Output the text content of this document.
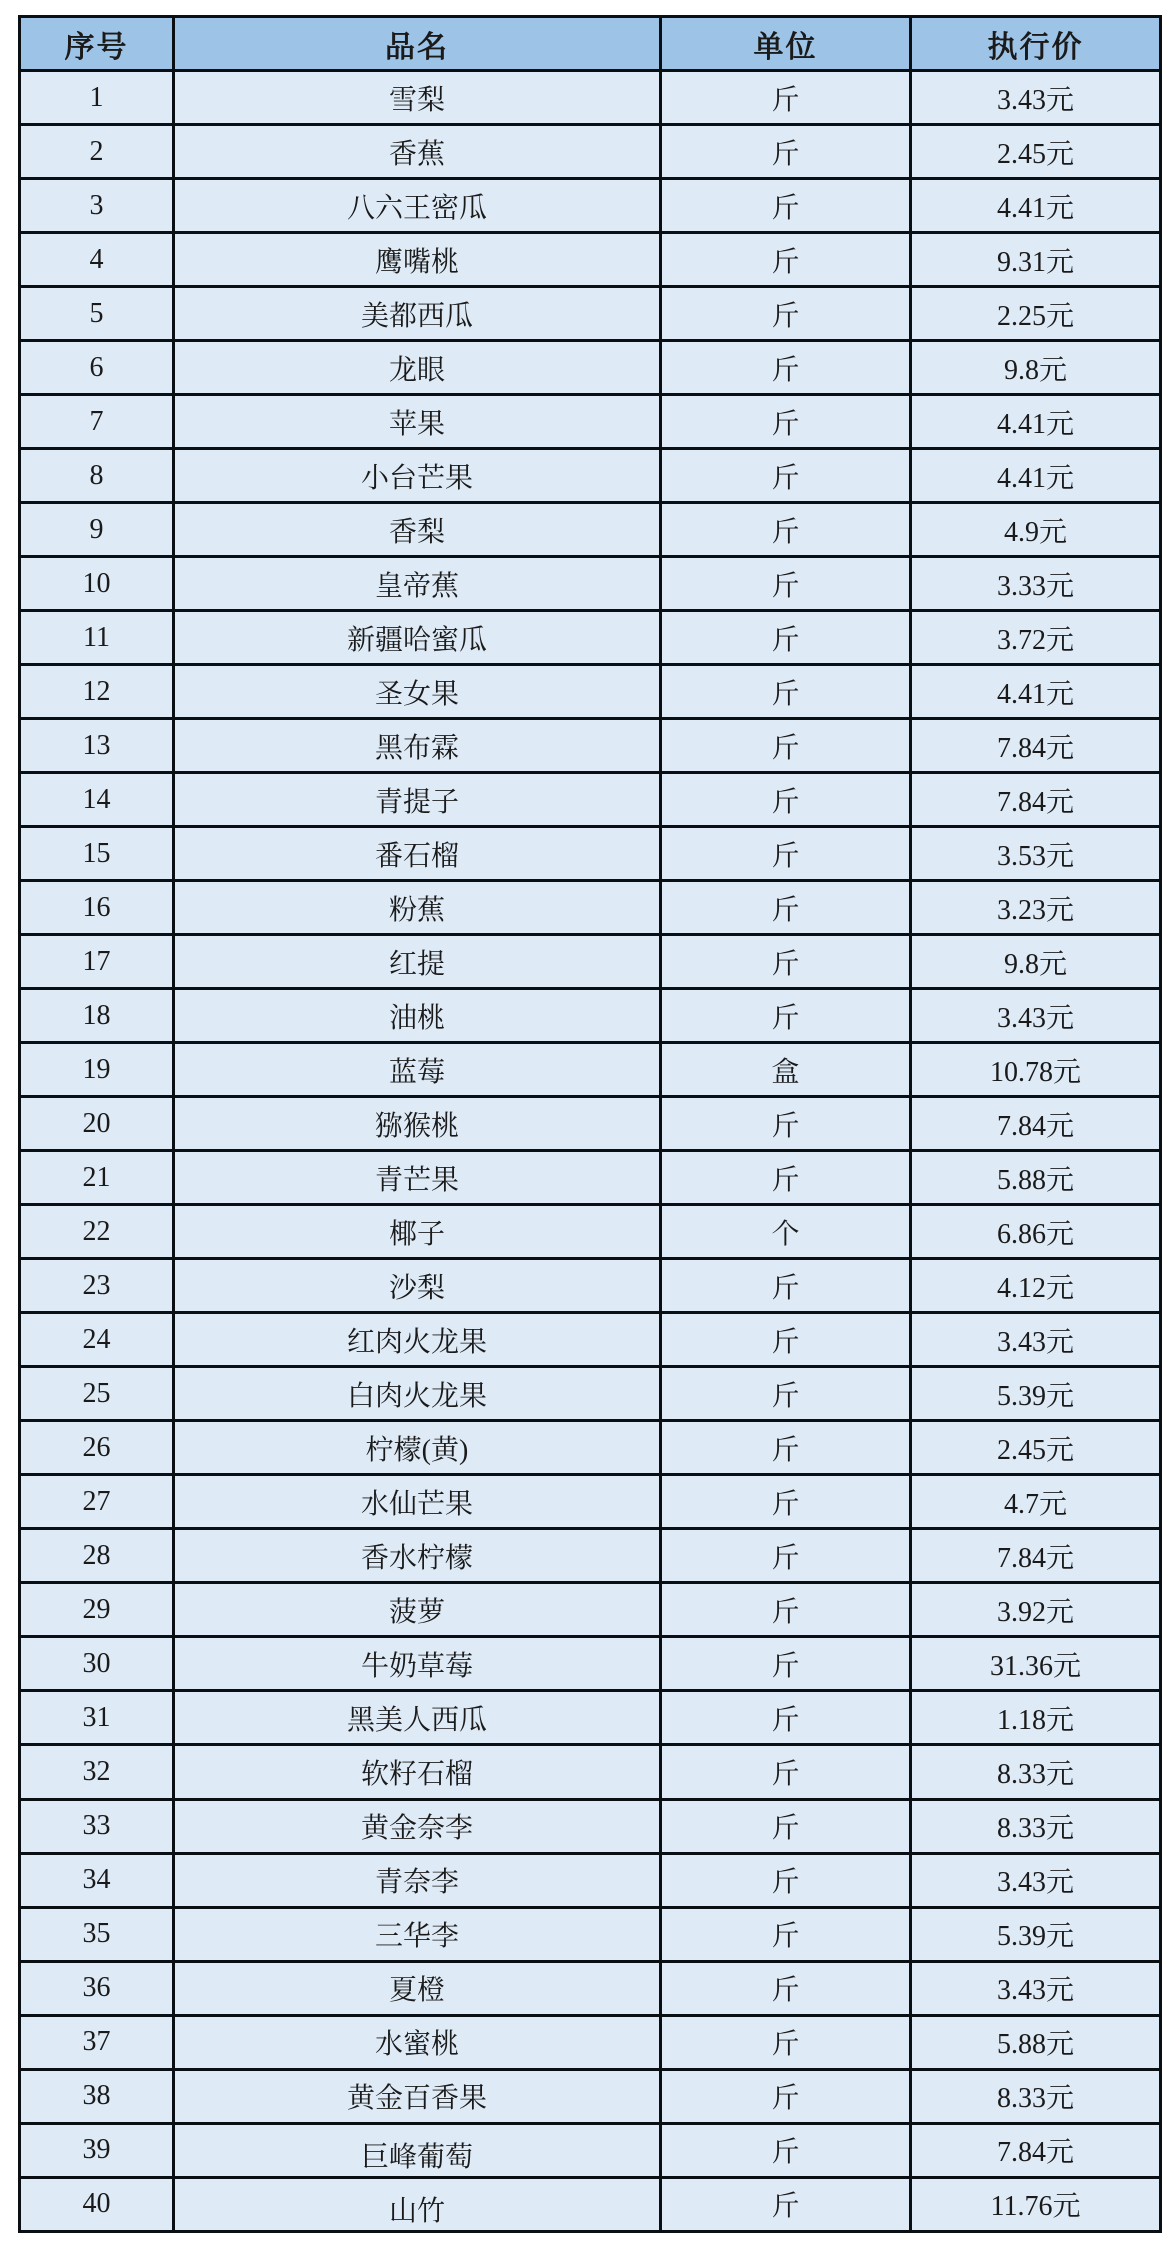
序号	品名	单位	执行价
1	雪梨	斤	3.43元
2	香蕉	斤	2.45元
3	八六王密瓜	斤	4.41元
4	鹰嘴桃	斤	9.31元
5	美都西瓜	斤	2.25元
6	龙眼	斤	9.8元
7	苹果	斤	4.41元
8	小台芒果	斤	4.41元
9	香梨	斤	4.9元
10	皇帝蕉	斤	3.33元
11	新疆哈蜜瓜	斤	3.72元
12	圣女果	斤	4.41元
13	黑布霖	斤	7.84元
14	青提子	斤	7.84元
15	番石榴	斤	3.53元
16	粉蕉	斤	3.23元
17	红提	斤	9.8元
18	油桃	斤	3.43元
19	蓝莓	盒	10.78元
20	猕猴桃	斤	7.84元
21	青芒果	斤	5.88元
22	椰子	个	6.86元
23	沙梨	斤	4.12元
24	红肉火龙果	斤	3.43元
25	白肉火龙果	斤	5.39元
26	柠檬(黄)	斤	2.45元
27	水仙芒果	斤	4.7元
28	香水柠檬	斤	7.84元
29	菠萝	斤	3.92元
30	牛奶草莓	斤	31.36元
31	黑美人西瓜	斤	1.18元
32	软籽石榴	斤	8.33元
33	黄金奈李	斤	8.33元
34	青奈李	斤	3.43元
35	三华李	斤	5.39元
36	夏橙	斤	3.43元
37	水蜜桃	斤	5.88元
38	黄金百香果	斤	8.33元
39	巨峰葡萄	斤	7.84元
40	山竹	斤	11.76元
